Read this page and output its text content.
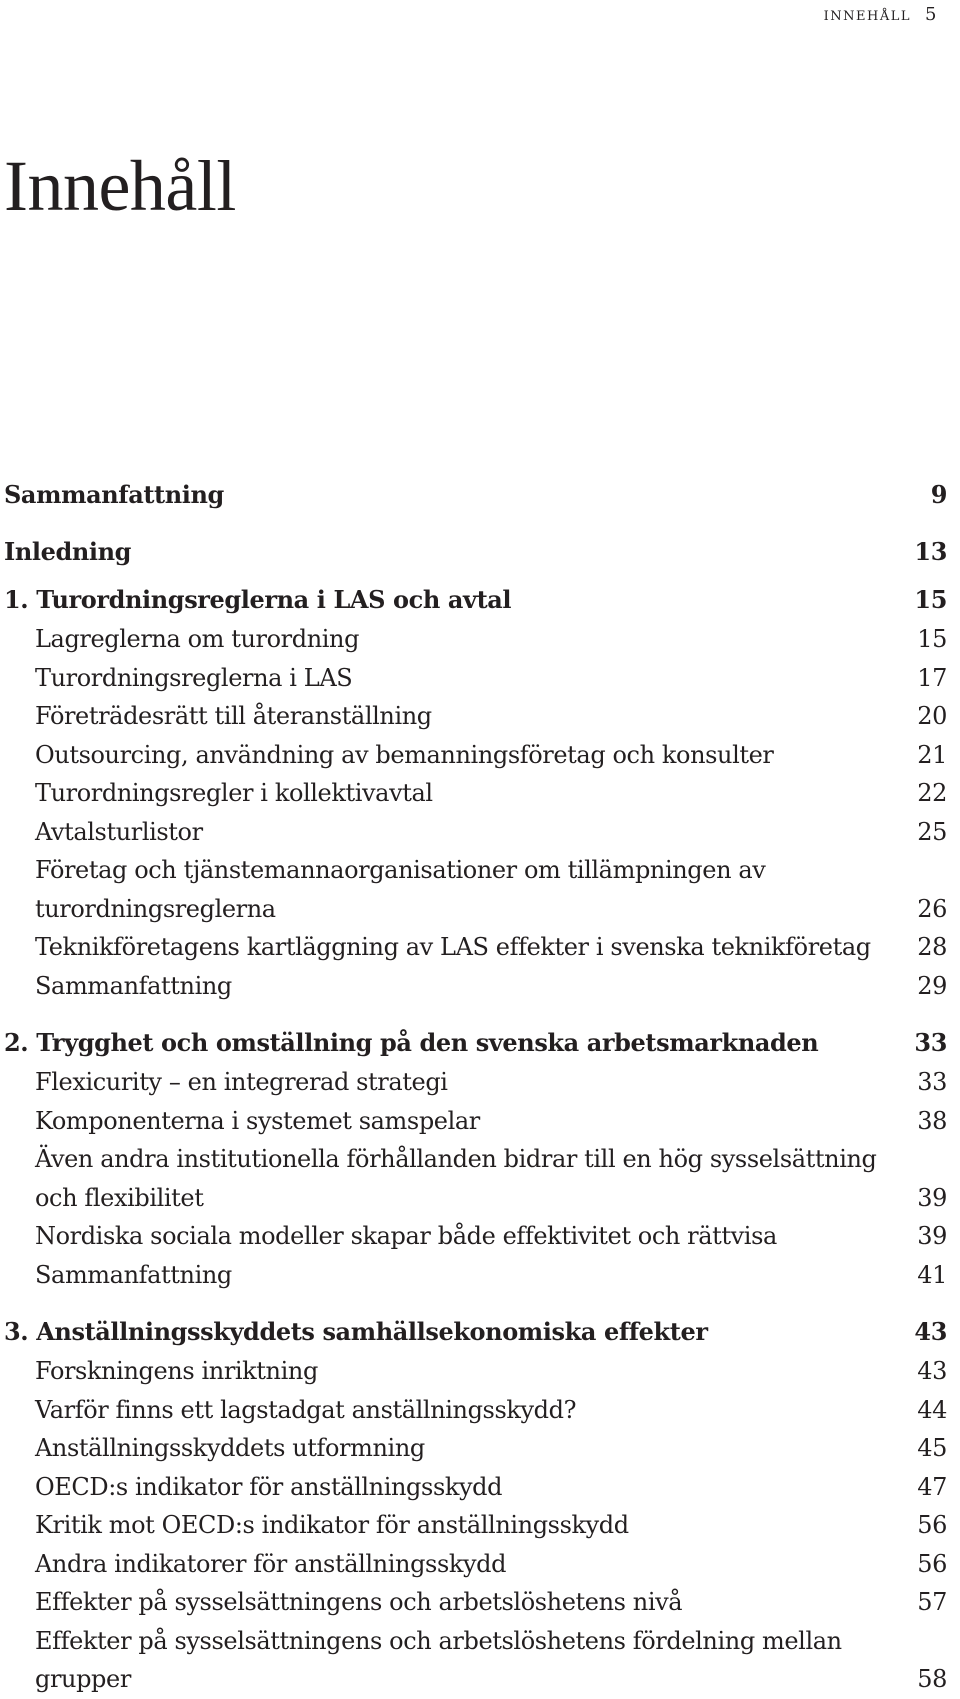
innehåll 5
Innehåll
Sammanfattning	9
Inledning	13
1. Turordningsreglerna i LAS och avtal	15
Lagreglerna om turordning	15
Turordningsreglerna i LAS	17
Företrädesrätt till återanställning	20
Outsourcing, användning av bemanningsföretag och konsulter	21
Turordningsregler i kollektivavtal	22
Avtalsturlistor	25
Företag och tjänstemannaorganisationer om tillämpningen av turordningsreglerna	26
Teknikföretagens kartläggning av LAS effekter i svenska teknikföretag	28
Sammanfattning	29
2. Trygghet och omställning på den svenska arbetsmarknaden	33
Flexicurity – en integrerad strategi	33
Komponenterna i systemet samspelar	38
Även andra institutionella förhållanden bidrar till en hög sysselsättning och flexibilitet	39
Nordiska sociala modeller skapar både effektivitet och rättvisa	39
Sammanfattning	41
3. Anställningsskyddets samhällsekonomiska effekter	43
Forskningens inriktning	43
Varför finns ett lagstadgat anställningsskydd?	44
Anställningsskyddets utformning	45
OECD:s indikator för anställningsskydd	47
Kritik mot OECD:s indikator för anställningsskydd	56
Andra indikatorer för anställningsskydd	56
Effekter på sysselsättningens och arbetslöshetens nivå	57
Effekter på sysselsättningens och arbetslöshetens fördelning mellan grupper	58
